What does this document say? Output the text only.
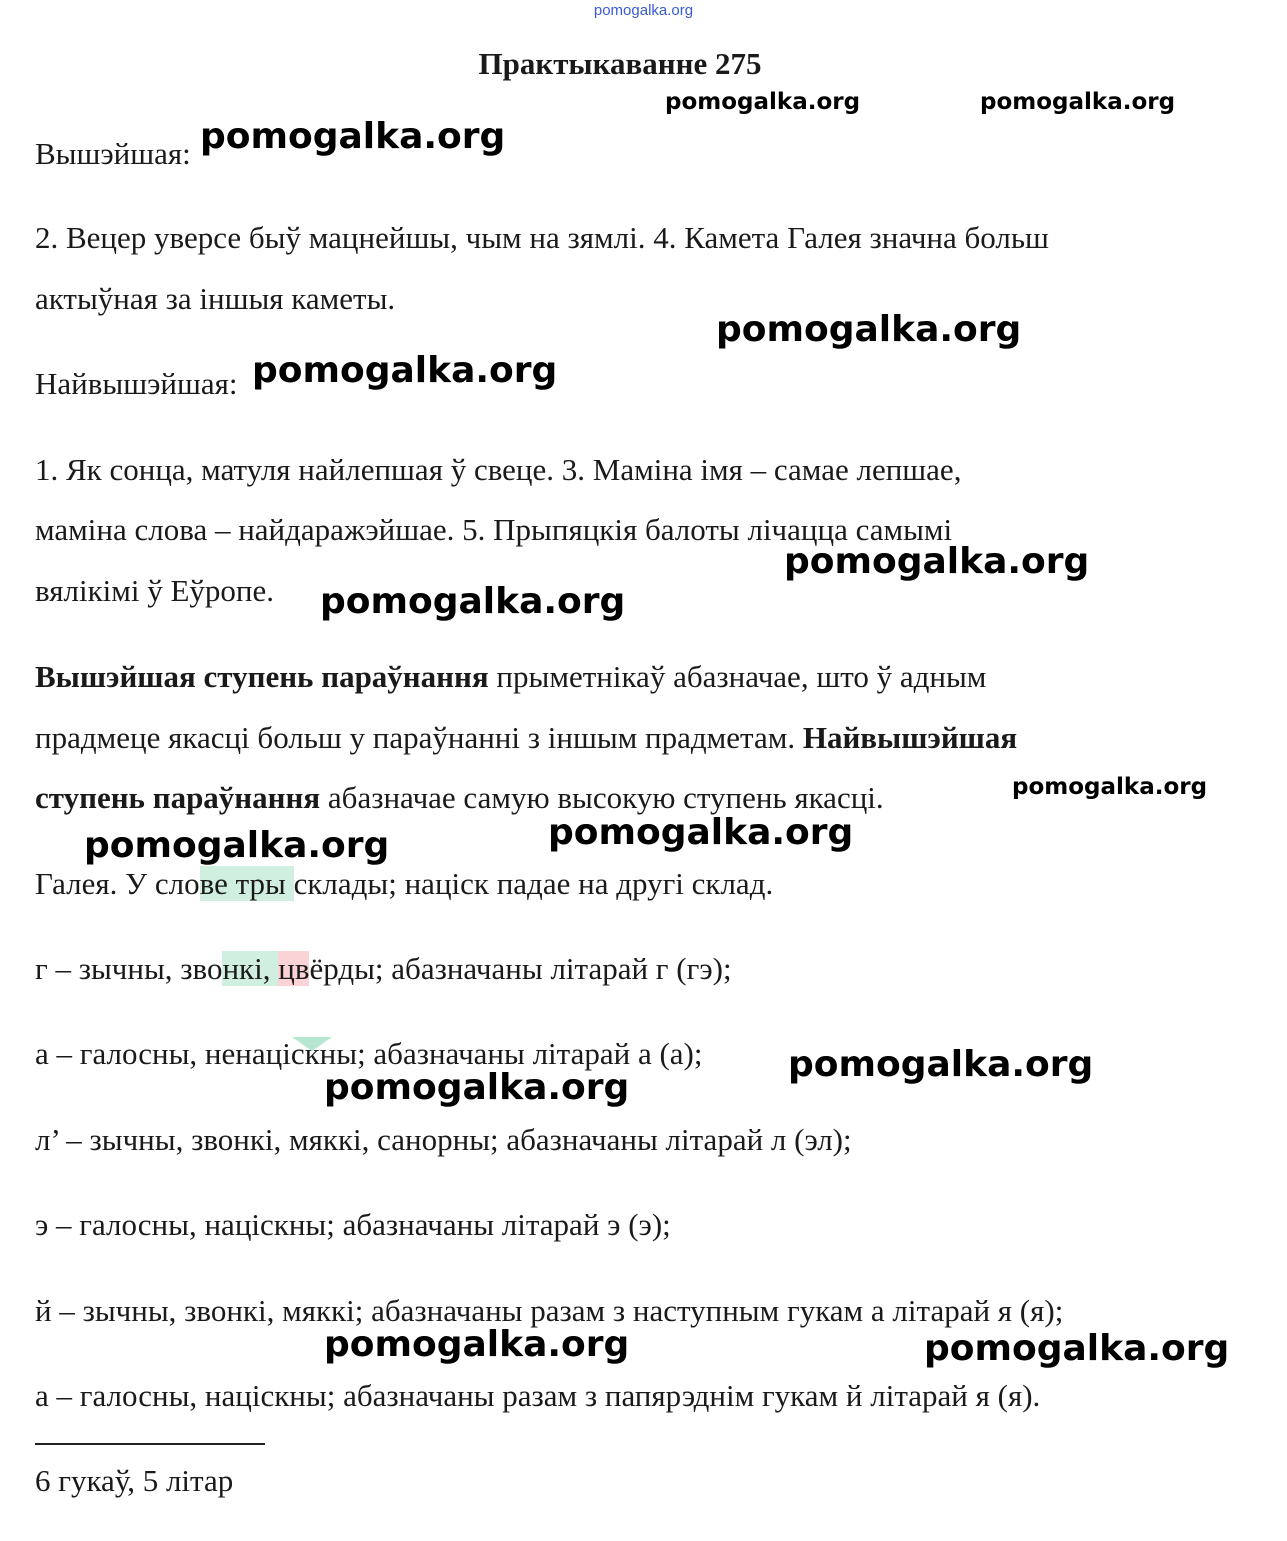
pomogalka.org
Практыкаванне 275

Вышэйшая:

2. Вецер уверсе быў мацнейшы, чым на зямлі. 4. Камета Галея значна больш

актыўная за іншыя каметы.

Найвышэйшая:

1. Як сонца, матуля найлепшая ў свеце. 3. Маміна імя – самае лепшае,

маміна слова – найдаражэйшае. 5. Прыпяцкія балоты лічацца самымі

вялікімі ў Еўропе.

Вышэйшая ступень параўнання прыметнікаў абазначае, што ў адным

прадмеце якасці больш у параўнанні з іншым прадметам. Найвышэйшая

ступень параўнання абазначае самую высокую ступень якасці.

Галея. У слове тры склады; націск падае на другі склад.

г – зычны, звонкі, цвёрды; абазначаны літарай г (гэ);

а – галосны, ненаціскны; абазначаны літарай а (а);

л’ – зычны, звонкі, мяккі, санорны; абазначаны літарай л (эл);

э – галосны, націскны; абазначаны літарай э (э);

й – зычны, звонкі, мяккі; абазначаны разам з наступным гукам а літарай я (я);

а – галосны, націскны; абазначаны разам з папярэднім гукам й літарай я (я).

6 гукаў, 5 літар

pomogalka.org	pomogalka.org
pomogalka.org
pomogalka.org
pomogalka.org
pomogalka.org
pomogalka.org
pomogalka.org
pomogalka.org
pomogalka.org
pomogalka.org
pomogalka.org
pomogalka.org	pomogalka.org
